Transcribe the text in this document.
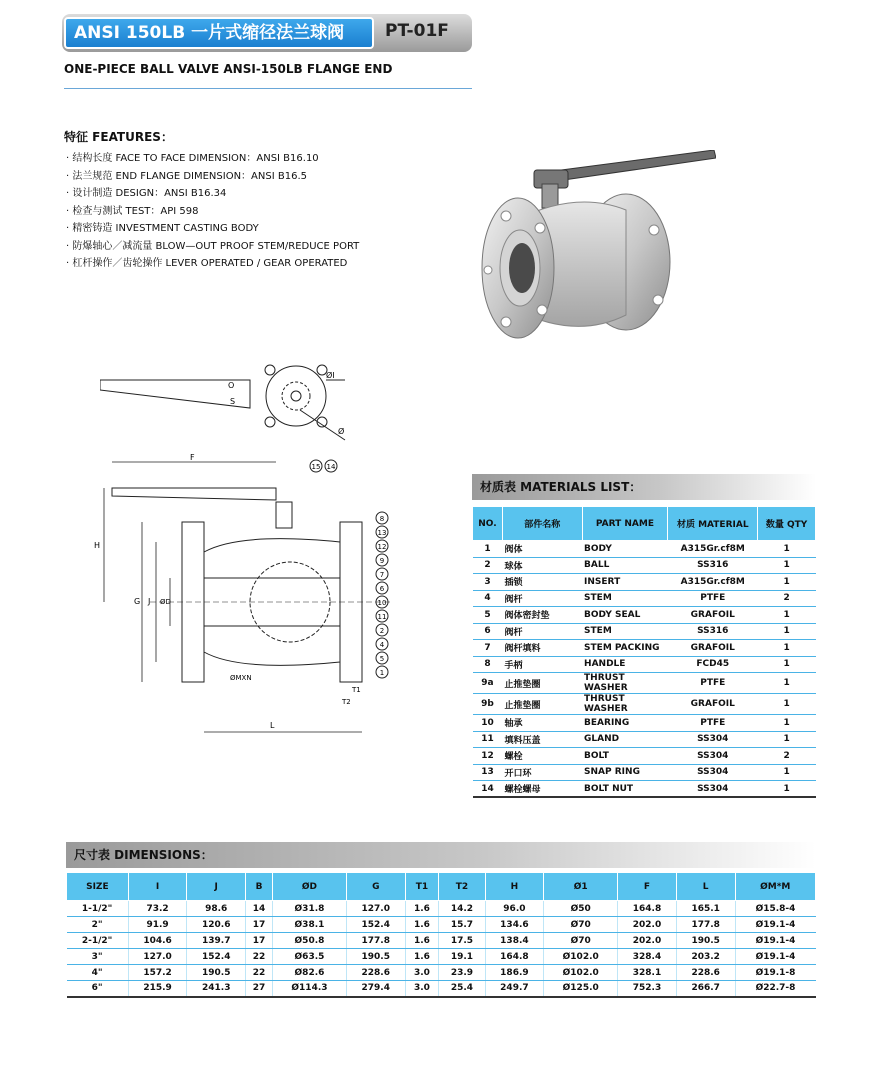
ANSI 150LB 一片式缩径法兰球阀	PT-01F
ONE-PIECE BALL VALVE ANSI-150LB FLANGE END
特征 FEATURES：
· 结构长度 FACE TO FACE DIMENSION：ANSI B16.10
· 法兰规范 END FLANGE DIMENSION：ANSI B16.5
· 设计制造 DESIGN：ANSI B16.34
· 检查与测试 TEST：API 598
· 精密铸造 INVESTMENT CASTING BODY
· 防爆轴心／减流量 BLOW—OUT PROOF STEM/REDUCE PORT
· 杠杆操作／齿轮操作 LEVER OPERATED / GEAR OPERATED
O
S
ØI
Ø
F
H
G J ØD
L
ØMXN
T1
T2
15 14
8
13
12
9
7
6
10
11
2
4
5
1
材质表 MATERIALS LIST：
NO.	部件名称	PART NAME	材质 MATERIAL	数量 QTY
1	阀体	BODY	A315Gr.cf8M	1
2	球体	BALL	SS316	1
3	插锁	INSERT	A315Gr.cf8M	1
4	阀杆	STEM	PTFE	2
5	阀体密封垫	BODY SEAL	GRAFOIL	1
6	阀杆	STEM	SS316	1
7	阀杆填料	STEM PACKING	GRAFOIL	1
8	手柄	HANDLE	FCD45	1
9a	止推垫圈	THRUST WASHER	PTFE	1
9b	止推垫圈	THRUST WASHER	GRAFOIL	1
10	轴承	BEARING	PTFE	1
11	填料压盖	GLAND	SS304	1
12	螺栓	BOLT	SS304	2
13	开口环	SNAP RING	SS304	1
14	螺栓螺母	BOLT NUT	SS304	1
尺寸表 DIMENSIONS：
SIZE	I	J	B	ØD	G	T1	T2	H	Ø1	F	L	ØM*M
1-1/2"	73.2	98.6	14	Ø31.8	127.0	1.6	14.2	96.0	Ø50	164.8	165.1	Ø15.8-4
2"	91.9	120.6	17	Ø38.1	152.4	1.6	15.7	134.6	Ø70	202.0	177.8	Ø19.1-4
2-1/2"	104.6	139.7	17	Ø50.8	177.8	1.6	17.5	138.4	Ø70	202.0	190.5	Ø19.1-4
3"	127.0	152.4	22	Ø63.5	190.5	1.6	19.1	164.8	Ø102.0	328.4	203.2	Ø19.1-4
4"	157.2	190.5	22	Ø82.6	228.6	3.0	23.9	186.9	Ø102.0	328.1	228.6	Ø19.1-8
6"	215.9	241.3	27	Ø114.3	279.4	3.0	25.4	249.7	Ø125.0	752.3	266.7	Ø22.7-8
